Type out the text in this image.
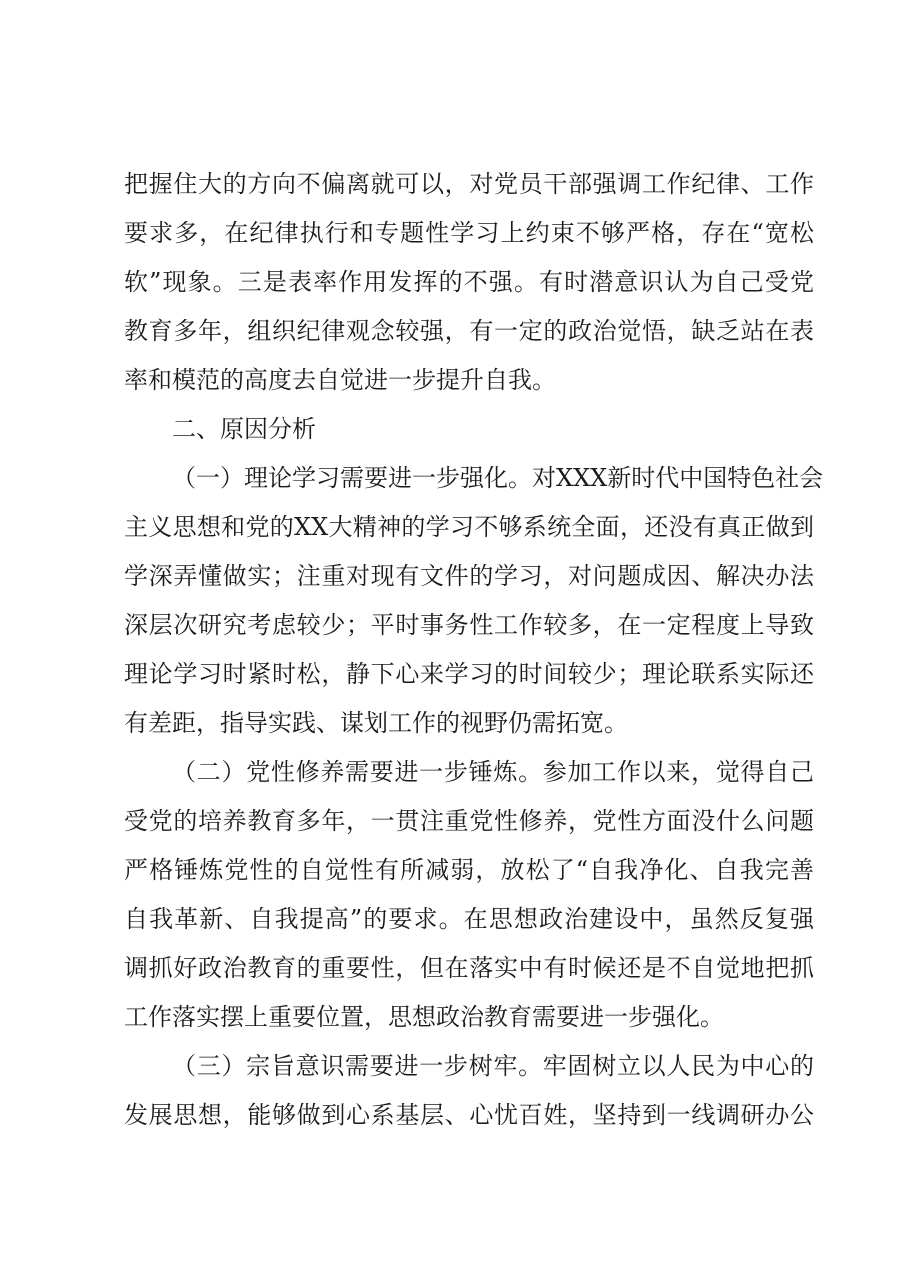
把握住大的方向不偏离就可以，对党员干部强调工作纪律、工作
要求多，在纪律执行和专题性学习上约束不够严格，存在“宽松
软”现象。三是表率作用发挥的不强。有时潜意识认为自己受党
教育多年，组织纪律观念较强，有一定的政治觉悟，缺乏站在表
率和模范的高度去自觉进一步提升自我。
二、原因分析
（一）理论学习需要进一步强化。对XXX新时代中国特色社会
主义思想和党的XX大精神的学习不够系统全面，还没有真正做到
学深弄懂做实；注重对现有文件的学习，对问题成因、解决办法
深层次研究考虑较少；平时事务性工作较多，在一定程度上导致
理论学习时紧时松，静下心来学习的时间较少；理论联系实际还
有差距，指导实践、谋划工作的视野仍需拓宽。
（二）党性修养需要进一步锤炼。参加工作以来，觉得自己
受党的培养教育多年，一贯注重党性修养，党性方面没什么问题
严格锤炼党性的自觉性有所减弱，放松了“自我净化、自我完善
自我革新、自我提高”的要求。在思想政治建设中，虽然反复强
调抓好政治教育的重要性，但在落实中有时候还是不自觉地把抓
工作落实摆上重要位置，思想政治教育需要进一步强化。
（三）宗旨意识需要进一步树牢。牢固树立以人民为中心的
发展思想，能够做到心系基层、心忧百姓，坚持到一线调研办公
